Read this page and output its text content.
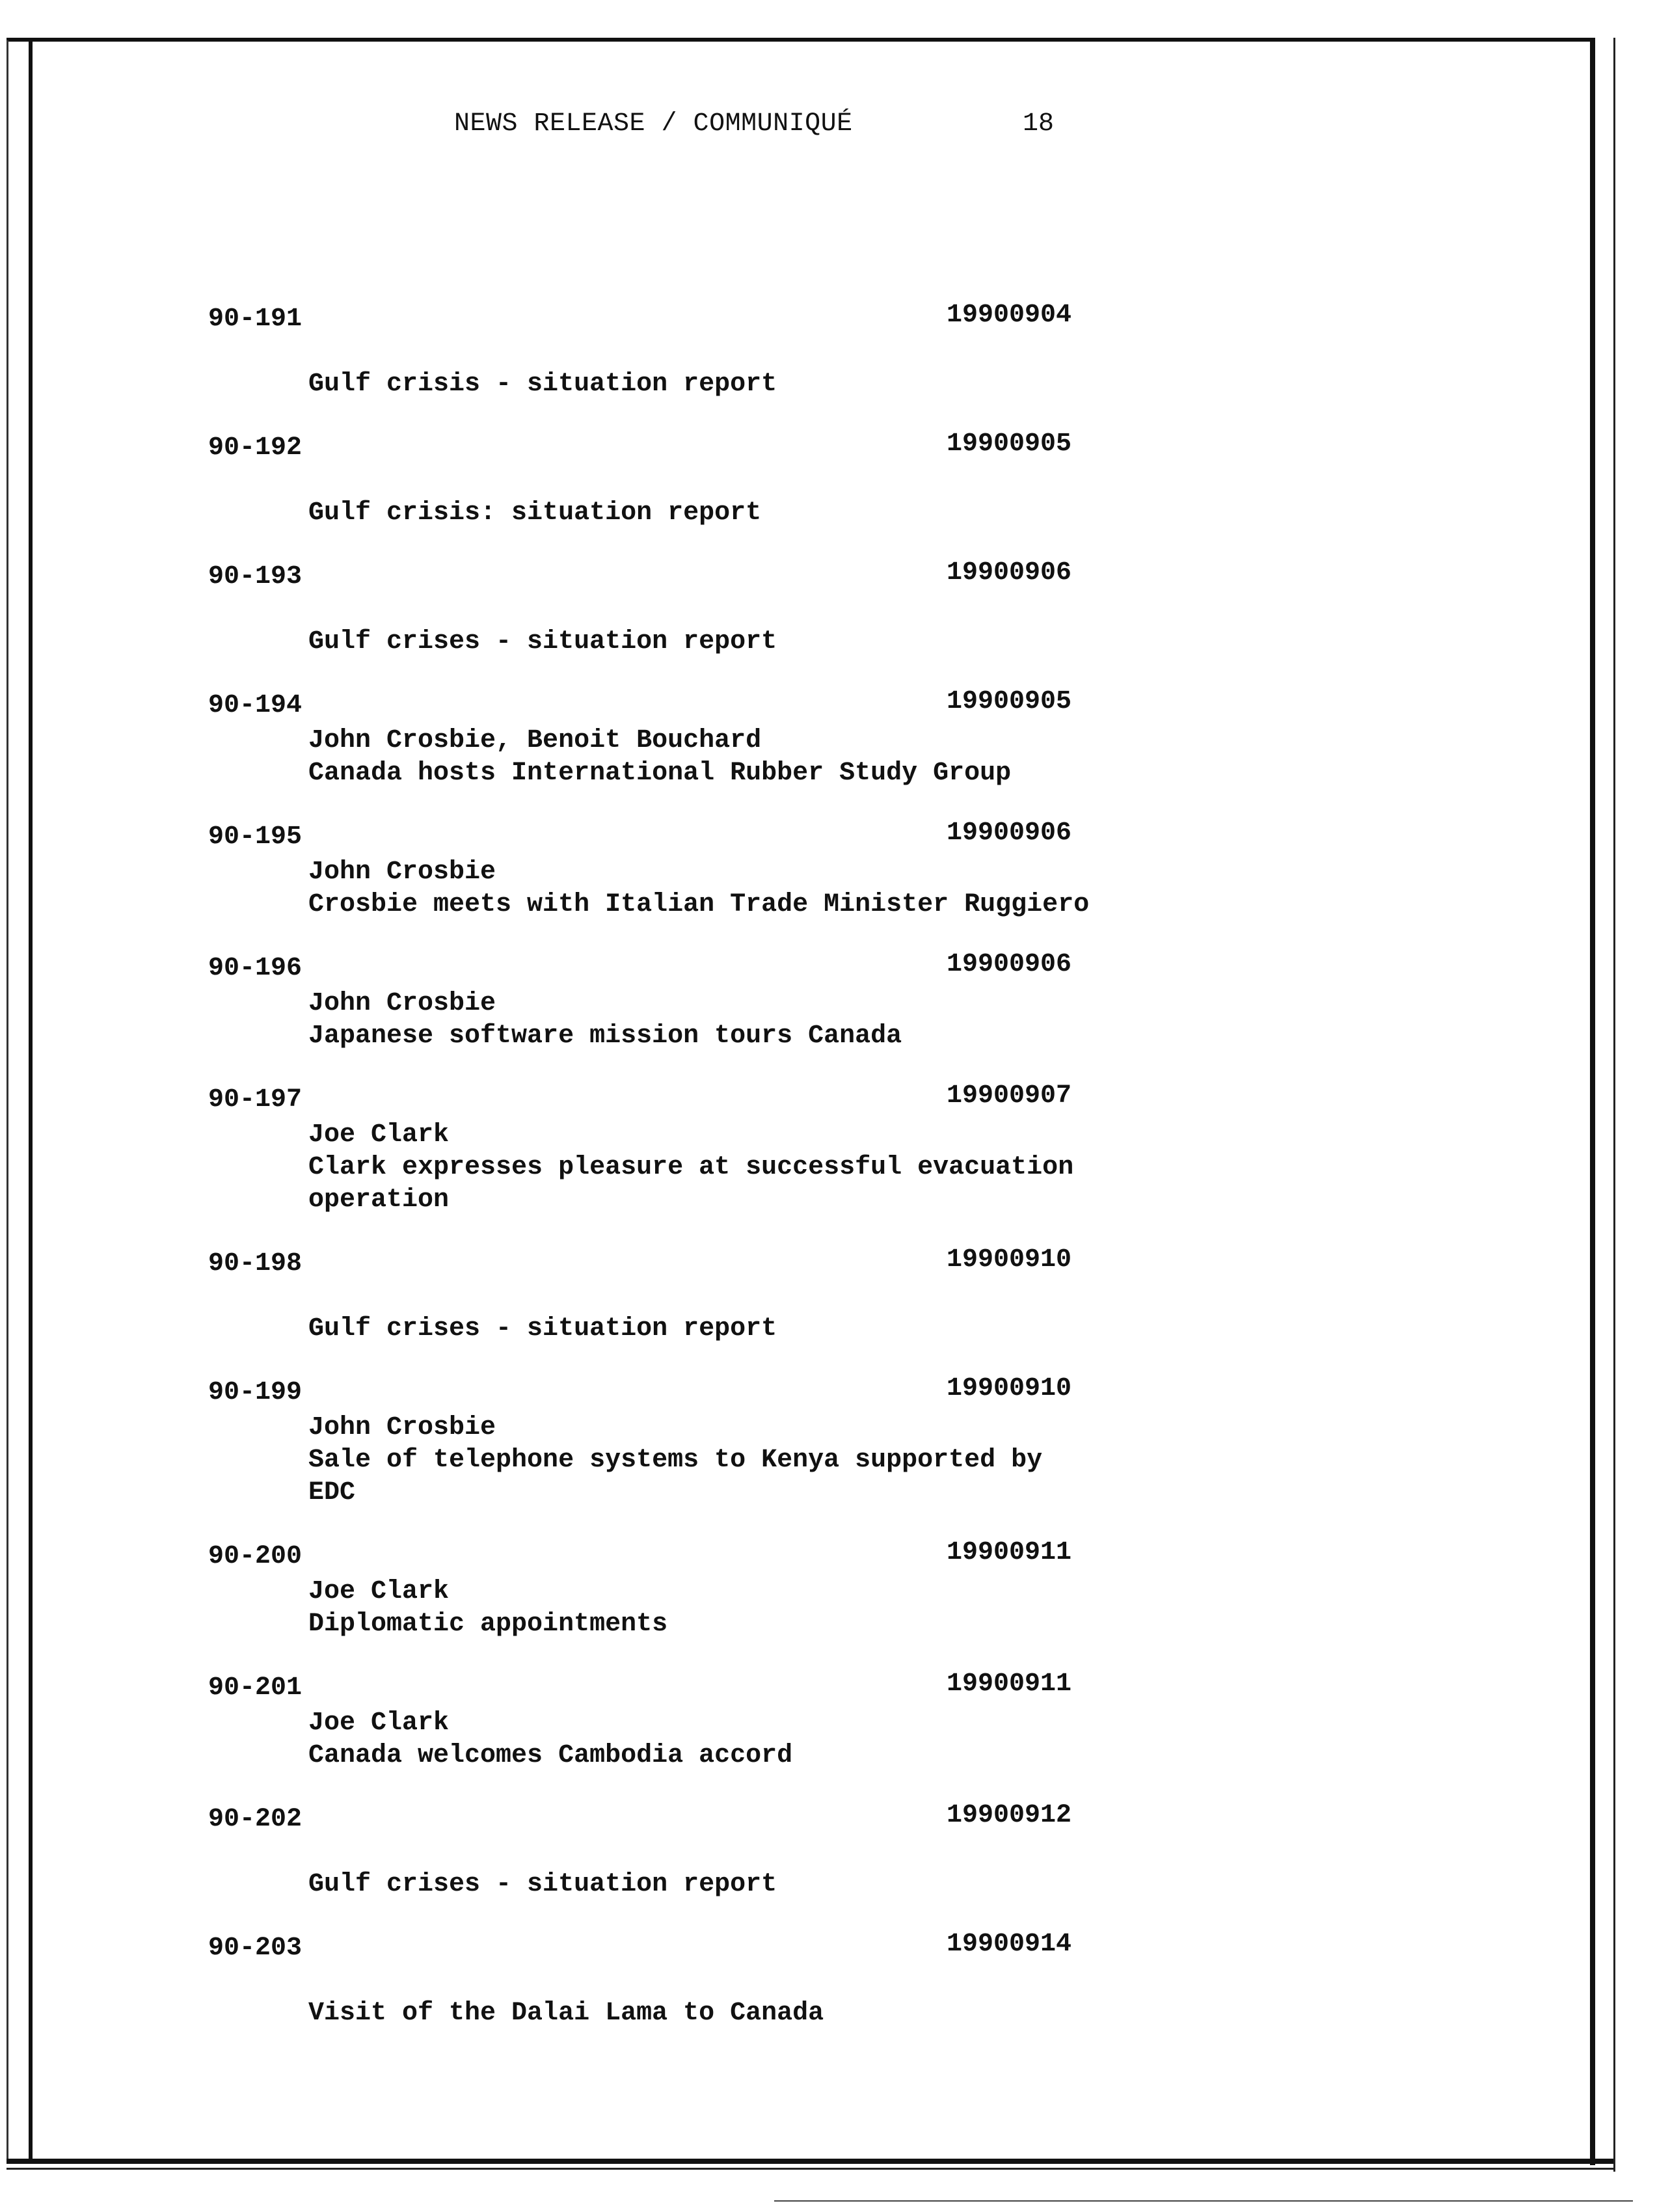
NEWS RELEASE / COMMUNIQUÉ	18
90-191	19900904
Gulf crisis - situation report
90-192	19900905
Gulf crisis: situation report
90-193	19900906
Gulf crises - situation report
90-194	19900905
John Crosbie, Benoit Bouchard
Canada hosts International Rubber Study Group
90-195	19900906
John Crosbie
Crosbie meets with Italian Trade Minister Ruggiero
90-196	19900906
John Crosbie
Japanese software mission tours Canada
90-197	19900907
Joe Clark
Clark expresses pleasure at successful evacuation
operation
90-198	19900910
Gulf crises - situation report
90-199	19900910
John Crosbie
Sale of telephone systems to Kenya supported by
EDC
90-200	19900911
Joe Clark
Diplomatic appointments
90-201	19900911
Joe Clark
Canada welcomes Cambodia accord
90-202	19900912
Gulf crises - situation report
90-203	19900914
Visit of the Dalai Lama to Canada
